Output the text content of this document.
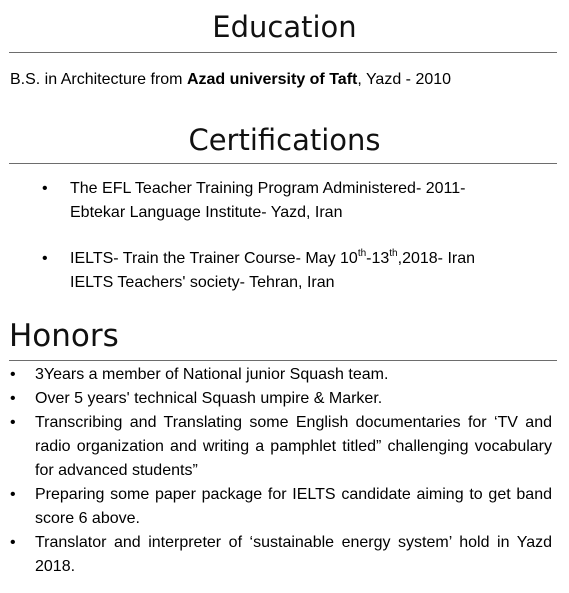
Education
B.S. in Architecture from Azad university of Taft, Yazd - 2010
Certifications
• The EFL Teacher Training Program Administered- 2011-
Ebtekar Language Institute- Yazd, Iran
• IELTS- Train the Trainer Course- May 10th-13th,2018- Iran
IELTS Teachers' society- Tehran, Iran
Honors
• 3Years a member of National junior Squash team.
• Over 5 years' technical Squash umpire & Marker.
• Transcribing and Translating some English documentaries for ‘TV and radio organization and writing a pamphlet titled” challenging vocabulary for advanced students”
• Preparing some paper package for IELTS candidate aiming to get band score 6 above.
• Translator and interpreter of ‘sustainable energy system’ hold in Yazd 2018.
